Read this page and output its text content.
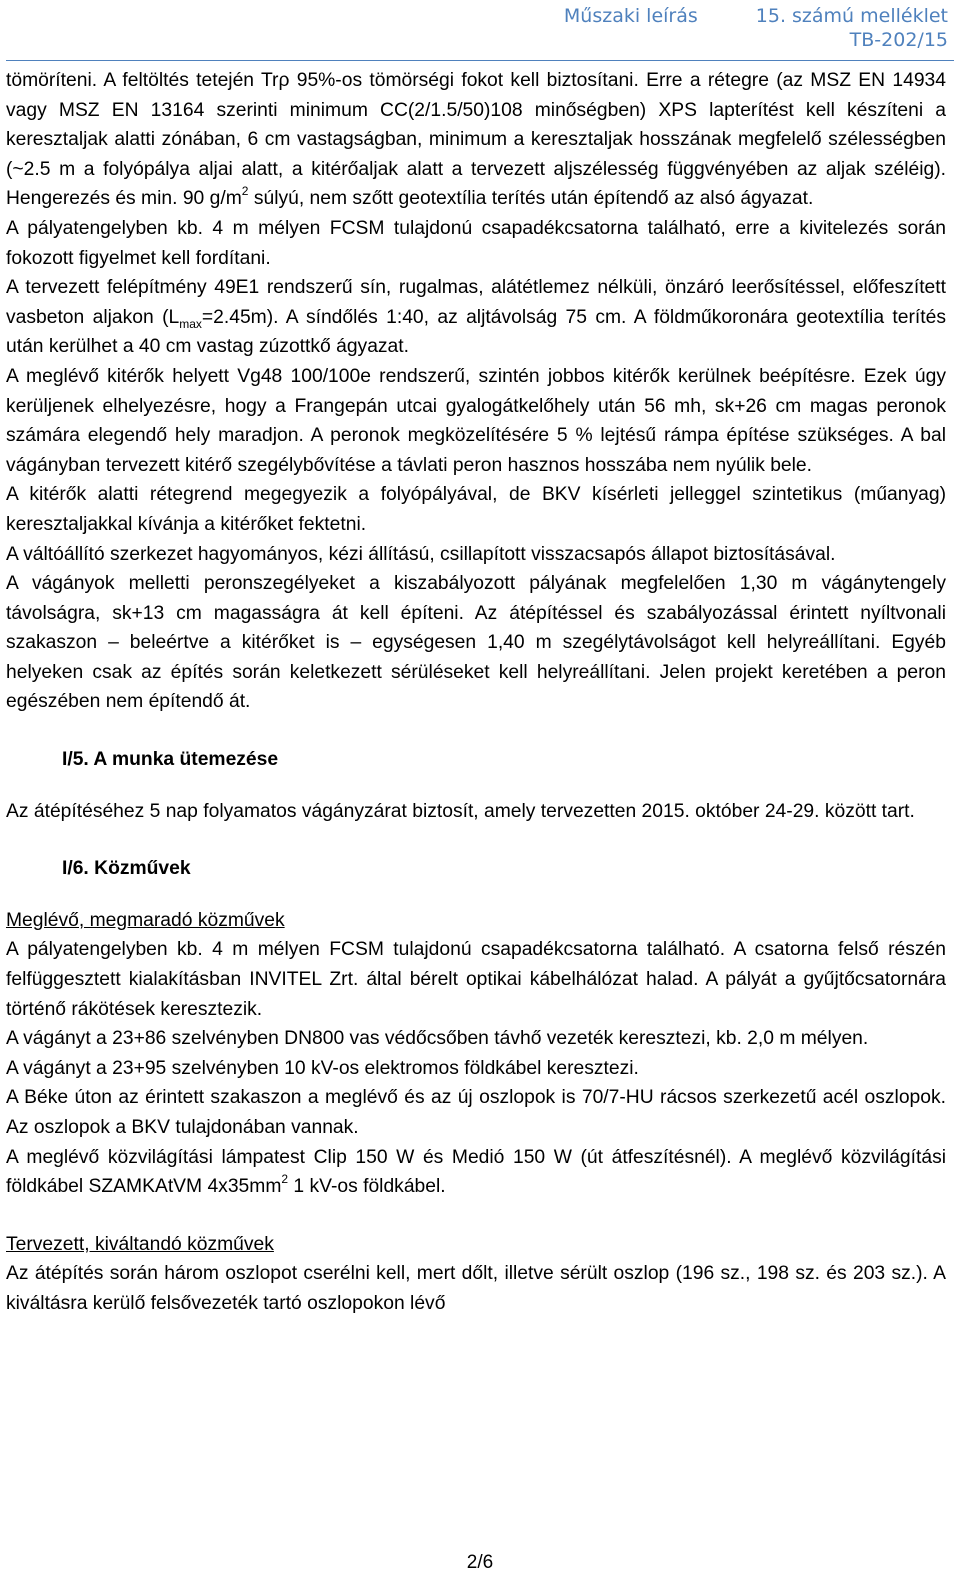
Műszaki leírás	15. számú melléklet
TB-202/15

tömöríteni. A feltöltés tetején Trρ 95%-os tömörségi fokot kell biztosítani. Erre a rétegre (az MSZ EN 14934 vagy MSZ EN 13164 szerinti minimum CC(2/1.5/50)108 minőségben) XPS lapterítést kell készíteni a keresztaljak alatti zónában, 6 cm vastagságban, minimum a keresztaljak hosszának megfelelő szélességben (~2.5 m a folyópálya aljai alatt, a kitérőaljak alatt a tervezett aljszélesség függvényében az aljak széléig). Hengerezés és min. 90 $g/m^2$ súlyú, nem szőtt geotextília terítés után építendő az alsó ágyazat.

A pályatengelyben kb. 4 m mélyen FCSM tulajdonú csapadékcsatorna található, erre a kivitelezés során fokozott figyelmet kell fordítani.

A tervezett felépítmény 49E1 rendszerű sín, rugalmas, alátétlemez nélküli, önzáró leerősítéssel, előfeszített vasbeton aljakon $(L_{max}=2.45m)$. A síndőlés 1:40, az aljtávolság 75 cm. A földműkoronára geotextília terítés után kerülhet a 40 cm vastag zúzottkő ágyazat.

A meglévő kitérők helyett Vg48 100/100e rendszerű, szintén jobbos kitérők kerülnek beépítésre. Ezek úgy kerüljenek elhelyezésre, hogy a Frangepán utcai gyalogátkelőhely után 56 mh, sk+26 cm magas peronok számára elegendő hely maradjon. A peronok megközelítésére 5 % lejtésű rámpa építése szükséges. A bal vágányban tervezett kitérő szegélybővítése a távlati peron hasznos hosszába nem nyúlik bele.

A kitérők alatti rétegrend megegyezik a folyópályával, de BKV kísérleti jelleggel szintetikus (műanyag) keresztaljakkal kívánja a kitérőket fektetni.

A váltóállító szerkezet hagyományos, kézi állítású, csillapított visszacsapós állapot biztosításával.

A vágányok melletti peronszegélyeket a kiszabályozott pályának megfelelően 1,30 m vágánytengely távolságra, sk+13 cm magasságra át kell építeni. Az átépítéssel és szabályozással érintett nyíltvonali szakaszon – beleértve a kitérőket is – egységesen 1,40 m szegélytávolságot kell helyreállítani. Egyéb helyeken csak az építés során keletkezett sérüléseket kell helyreállítani. Jelen projekt keretében a peron egészében nem építendő át.

I/5. A munka ütemezése

Az átépítéséhez 5 nap folyamatos vágányzárat biztosít, amely tervezetten 2015. október 24-29. között tart.

I/6. Közművek

Meglévő, megmaradó közművek

A pályatengelyben kb. 4 m mélyen FCSM tulajdonú csapadékcsatorna található. A csatorna felső részén felfüggesztett kialakításban INVITEL Zrt. által bérelt optikai kábelhálózat halad. A pályát a gyűjtőcsatornára történő rákötések keresztezik.

A vágányt a 23+86 szelvényben DN800 vas védőcsőben távhő vezeték keresztezi, kb. 2,0 m mélyen.

A vágányt a 23+95 szelvényben 10 kV-os elektromos földkábel keresztezi.

A Béke úton az érintett szakaszon a meglévő és az új oszlopok is 70/7-HU rácsos szerkezetű acél oszlopok. Az oszlopok a BKV tulajdonában vannak.

A meglévő közvilágítási lámpatest Clip 150 W és Medió 150 W (út átfeszítésnél). A meglévő közvilágítási földkábel SZAMKAtVM $4x35mm^2$ 1 kV-os földkábel.

Tervezett, kiváltandó közművek

Az átépítés során három oszlopot cserélni kell, mert dőlt, illetve sérült oszlop (196 sz., 198 sz. és 203 sz.). A kiváltásra kerülő felsővezeték tartó oszlopokon lévő

2/6
